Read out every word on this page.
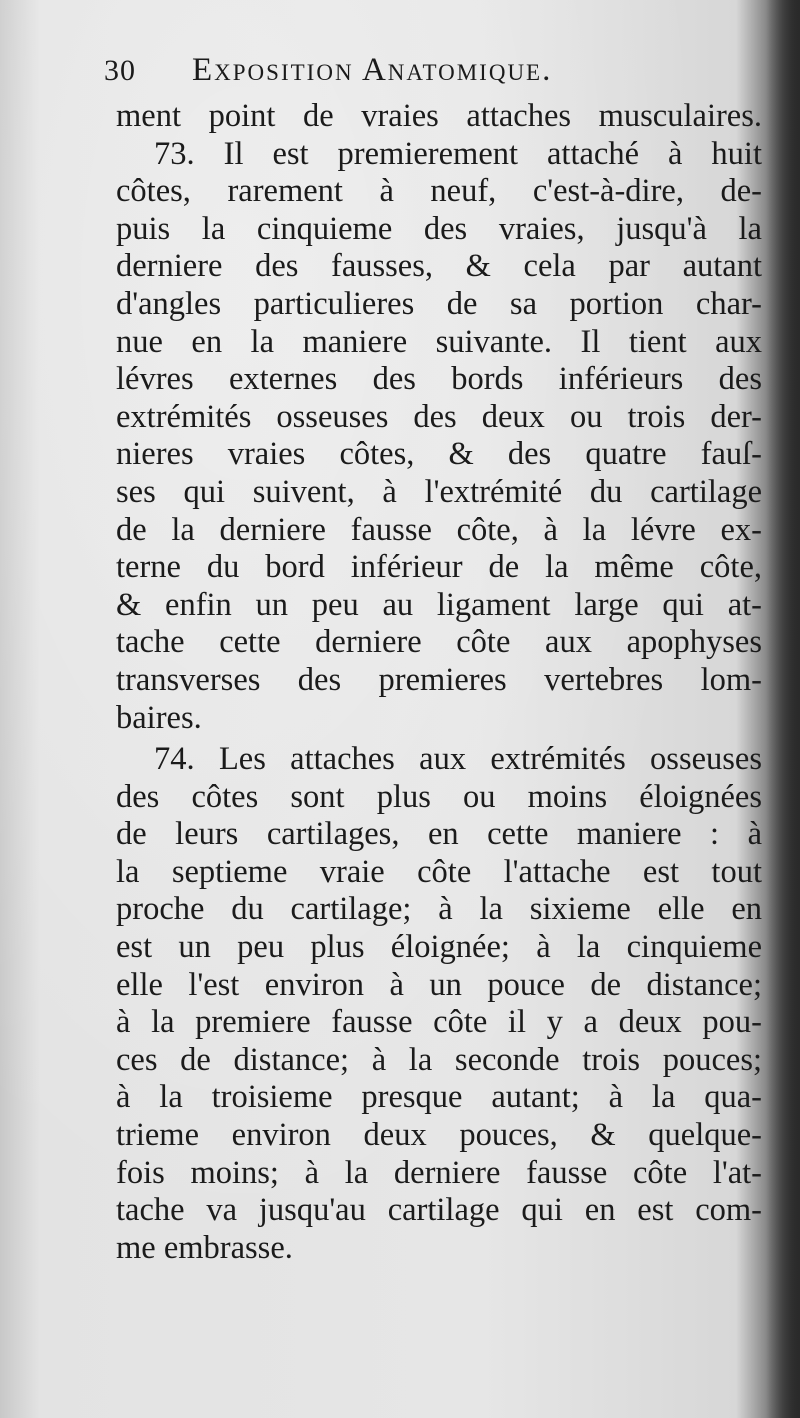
30	Exposition Anatomique.
ment point de vraies attaches musculaires.
73. Il est premierement attaché à huit
côtes, rarement à neuf, c'est-à-dire, de-
puis la cinquieme des vraies, jusqu'à la
derniere des fausses, & cela par autant
d'angles particulieres de sa portion char-
nue en la maniere suivante. Il tient aux
lévres externes des bords inférieurs des
extrémités osseuses des deux ou trois der-
nieres vraies côtes, & des quatre fauſ-
ses qui suivent, à l'extrémité du cartilage
de la derniere fausse côte, à la lévre ex-
terne du bord inférieur de la même côte,
& enfin un peu au ligament large qui at-
tache cette derniere côte aux apophyses
transverses des premieres vertebres lom-
baires.
74. Les attaches aux extrémités osseuses
des côtes sont plus ou moins éloignées
de leurs cartilages, en cette maniere : à
la septieme vraie côte l'attache est tout
proche du cartilage; à la sixieme elle en
est un peu plus éloignée; à la cinquieme
elle l'est environ à un pouce de distance;
à la premiere fausse côte il y a deux pou-
ces de distance; à la seconde trois pouces;
à la troisieme presque autant; à la qua-
trieme environ deux pouces, & quelque-
fois moins; à la derniere fausse côte l'at-
tache va jusqu'au cartilage qui en est com-
me embrasse.
